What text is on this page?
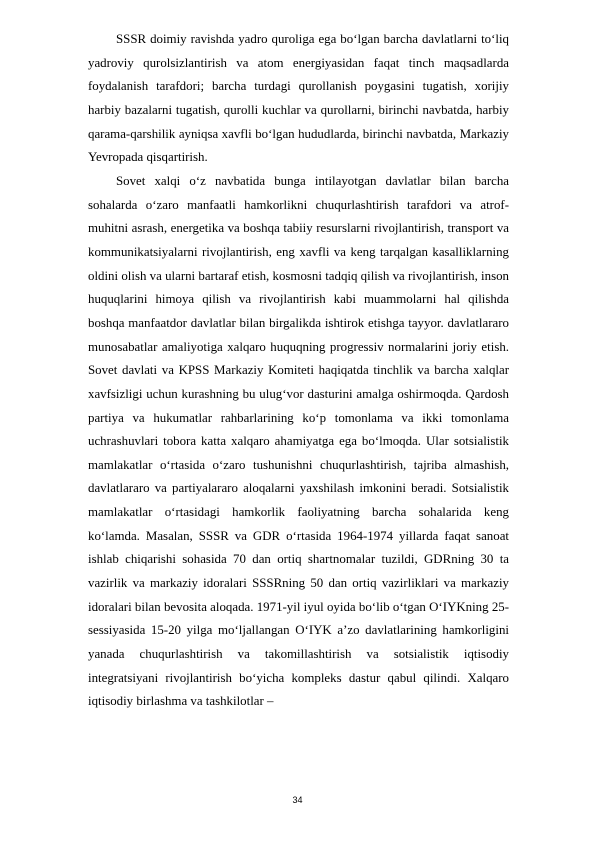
SSSR doimiy ravishda yadro quroliga ega bo‘lgan barcha davlatlarni to‘liq yadroviy qurolsizlantirish va atom energiyasidan faqat tinch maqsadlarda foydalanish tarafdori; barcha turdagi qurollanish poygasini tugatish, xorijiy harbiy bazalarni tugatish, qurolli kuchlar va qurollarni, birinchi navbatda, harbiy qarama-qarshilik ayniqsa xavfli bo‘lgan hududlarda, birinchi navbatda, Markaziy Yevropada qisqartirish.

Sovet xalqi o‘z navbatida bunga intilayotgan davlatlar bilan barcha sohalarda o‘zaro manfaatli hamkorlikni chuqurlashtirish tarafdori va atrof-muhitni asrash, energetika va boshqa tabiiy resurslarni rivojlantirish, transport va kommunikatsiyalarni rivojlantirish, eng xavfli va keng tarqalgan kasalliklarning oldini olish va ularni bartaraf etish, kosmosni tadqiq qilish va rivojlantirish, inson huquqlarini himoya qilish va rivojlantirish kabi muammolarni hal qilishda boshqa manfaatdor davlatlar bilan birgalikda ishtirok etishga tayyor. davlatlararo munosabatlar amaliyotiga xalqaro huquqning progressiv normalarini joriy etish. Sovet davlati va KPSS Markaziy Komiteti haqiqatda tinchlik va barcha xalqlar xavfsizligi uchun kurashning bu ulug‘vor dasturini amalga oshirmoqda. Qardosh partiya va hukumatlar rahbarlarining ko‘p tomonlama va ikki tomonlama uchrashuvlari tobora katta xalqaro ahamiyatga ega bo‘lmoqda. Ular sotsialistik mamlakatlar o‘rtasida o‘zaro tushunishni chuqurlashtirish, tajriba almashish, davlatlararo va partiyalararo aloqalarni yaxshilash imkonini beradi. Sotsialistik mamlakatlar o‘rtasidagi hamkorlik faoliyatning barcha sohalarida keng ko‘lamda. Masalan, SSSR va GDR o‘rtasida 1964-1974 yillarda faqat sanoat ishlab chiqarishi sohasida 70 dan ortiq shartnomalar tuzildi, GDRning 30 ta vazirlik va markaziy idoralari SSSRning 50 dan ortiq vazirliklari va markaziy idoralari bilan bevosita aloqada. 1971-yil iyul oyida bo‘lib o‘tgan O‘IYKning 25-sessiyasida 15-20 yilga mo‘ljallangan O‘IYK a’zo davlatlarining hamkorligini yanada chuqurlashtirish va takomillashtirish va sotsialistik iqtisodiy integratsiyani rivojlantirish bo‘yicha kompleks dastur qabul qilindi. Xalqaro iqtisodiy birlashma va tashkilotlar –

34
